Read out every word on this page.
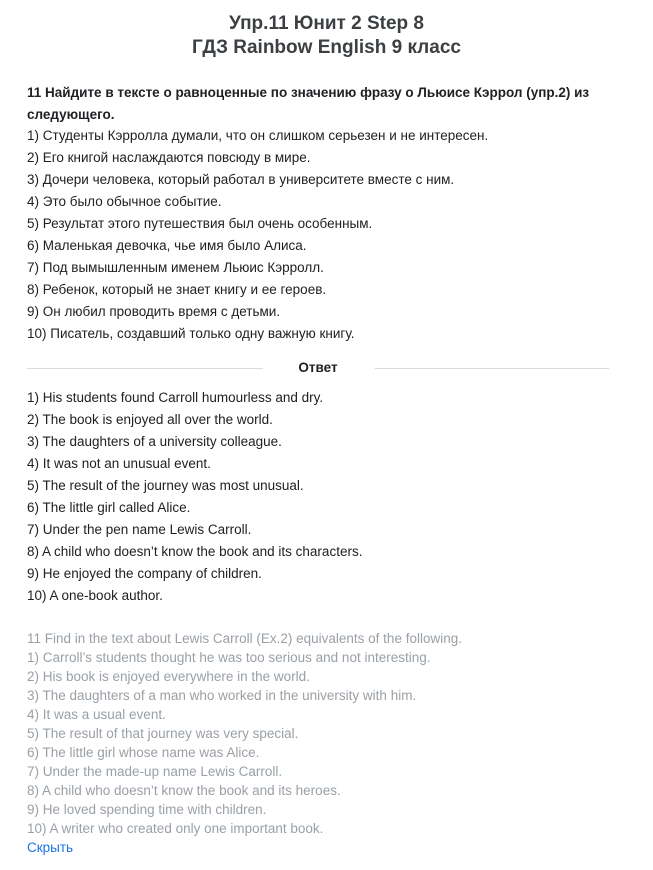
Упр.11 Юнит 2 Step 8
ГДЗ Rainbow English 9 класс
11 Найдите в тексте о равноценные по значению фразу о Льюисе Кэррол (упр.2) из следующего.
1) Студенты Кэрролла думали, что он слишком серьезен и не интересен.
2) Его книгой наслаждаются повсюду в мире.
3) Дочери человека, который работал в университете вместе с ним.
4) Это было обычное событие.
5) Результат этого путешествия был очень особенным.
6) Маленькая девочка, чье имя было Алиса.
7) Под вымышленным именем Льюис Кэрролл.
8) Ребенок, который не знает книгу и ее героев.
9) Он любил проводить время с детьми.
10) Писатель, создавший только одну важную книгу.
Ответ
1) His students found Carroll humourless and dry.
2) The book is enjoyed all over the world.
3) The daughters of a university colleague.
4) It was not an unusual event.
5) The result of the journey was most unusual.
6) The little girl called Alice.
7) Under the pen name Lewis Carroll.
8) A child who doesn’t know the book and its characters.
9) He enjoyed the company of children.
10) A one-book author.
11 Find in the text about Lewis Carroll (Ex.2) equivalents of the following.
1) Carroll’s students thought he was too serious and not interesting.
2) His book is enjoyed everywhere in the world.
3) The daughters of a man who worked in the university with him.
4) It was a usual event.
5) The result of that journey was very special.
6) The little girl whose name was Alice.
7) Under the made-up name Lewis Carroll.
8) A child who doesn’t know the book and its heroes.
9) He loved spending time with children.
10) A writer who created only one important book.
Скрыть
